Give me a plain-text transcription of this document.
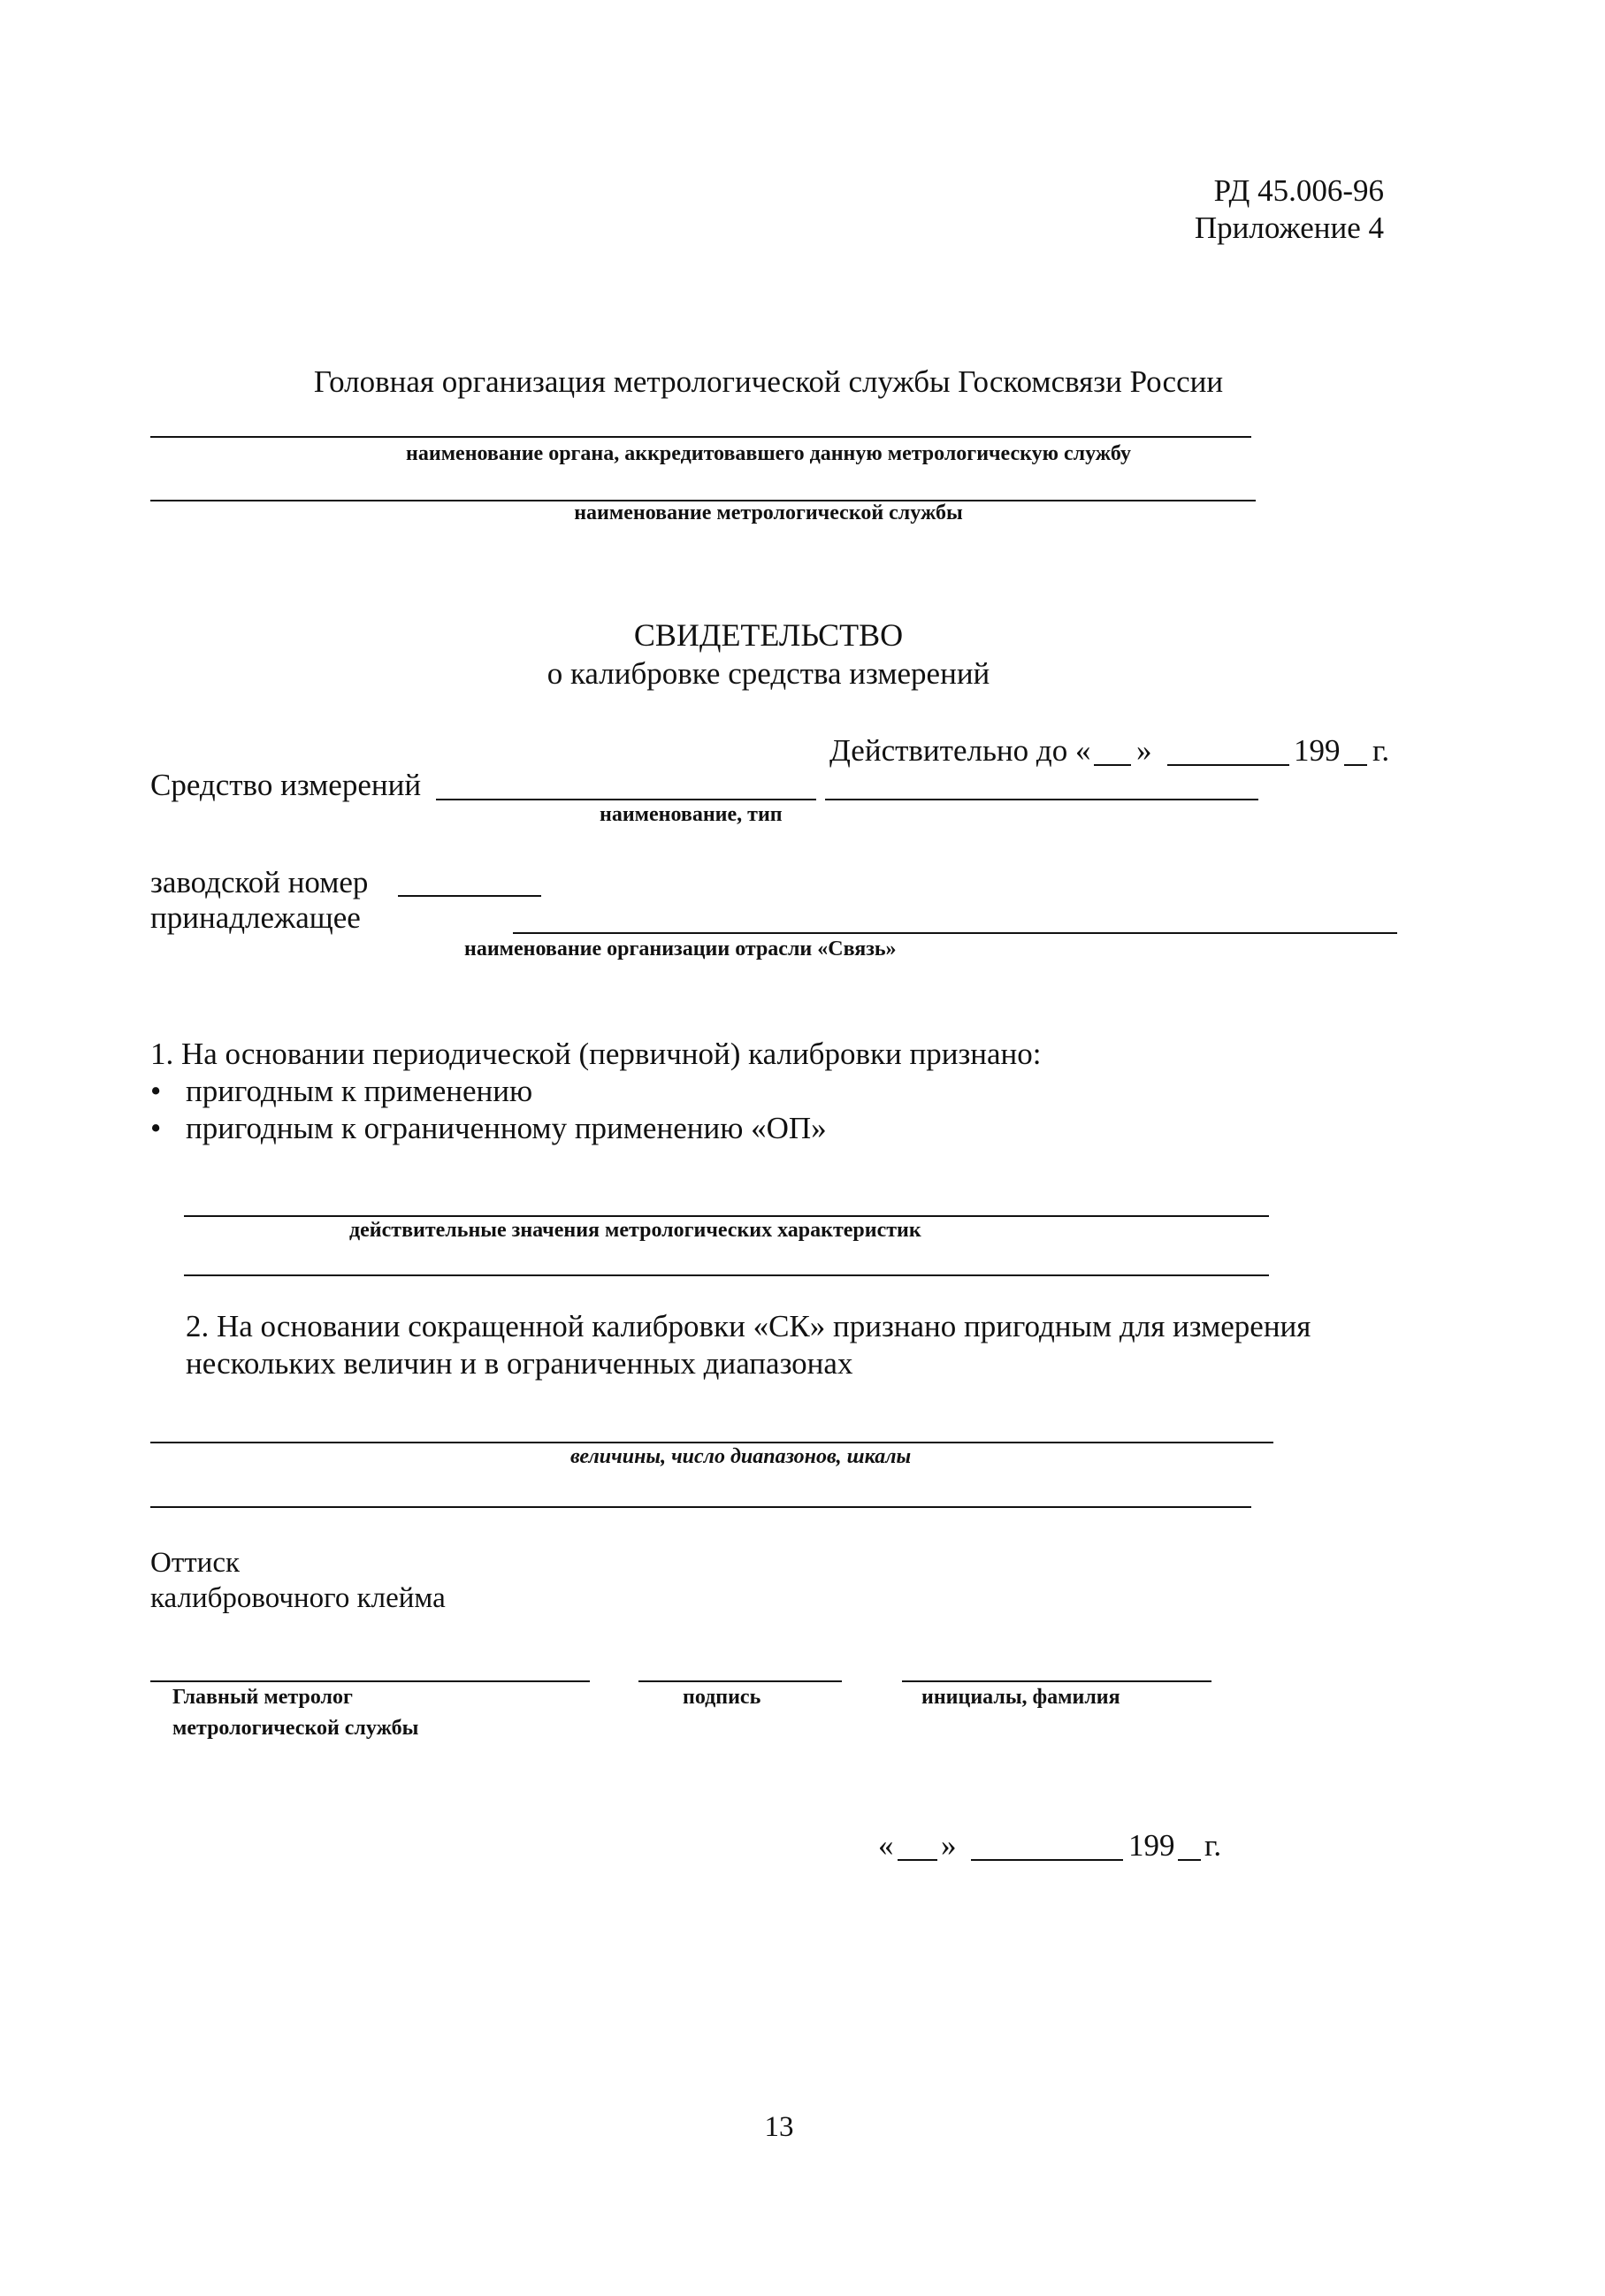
РД 45.006-96
Приложение 4
Головная организация метрологической службы Госкомсвязи России
наименование органа, аккредитовавшего данную метрологическую службу
наименование метрологической службы
СВИДЕТЕЛЬСТВО
о калибровке средства измерений
Действительно до « »	199 г.
Средство измерений
наименование, тип
заводской номер
принадлежащее
наименование организации отрасли «Связь»
1. На основании периодической (первичной) калибровки признано:
• пригодным к применению
• пригодным к ограниченному применению «ОП»
действительные значения метрологических характеристик
2. На основании сокращенной калибровки «СК» признано пригодным для измерения
нескольких величин и в ограниченных диапазонах
величины, число диапазонов, шкалы
Оттиск
калибровочного клейма
Главный метролог
метрологической службы
подпись	инициалы, фамилия
« »	199 г.
13
